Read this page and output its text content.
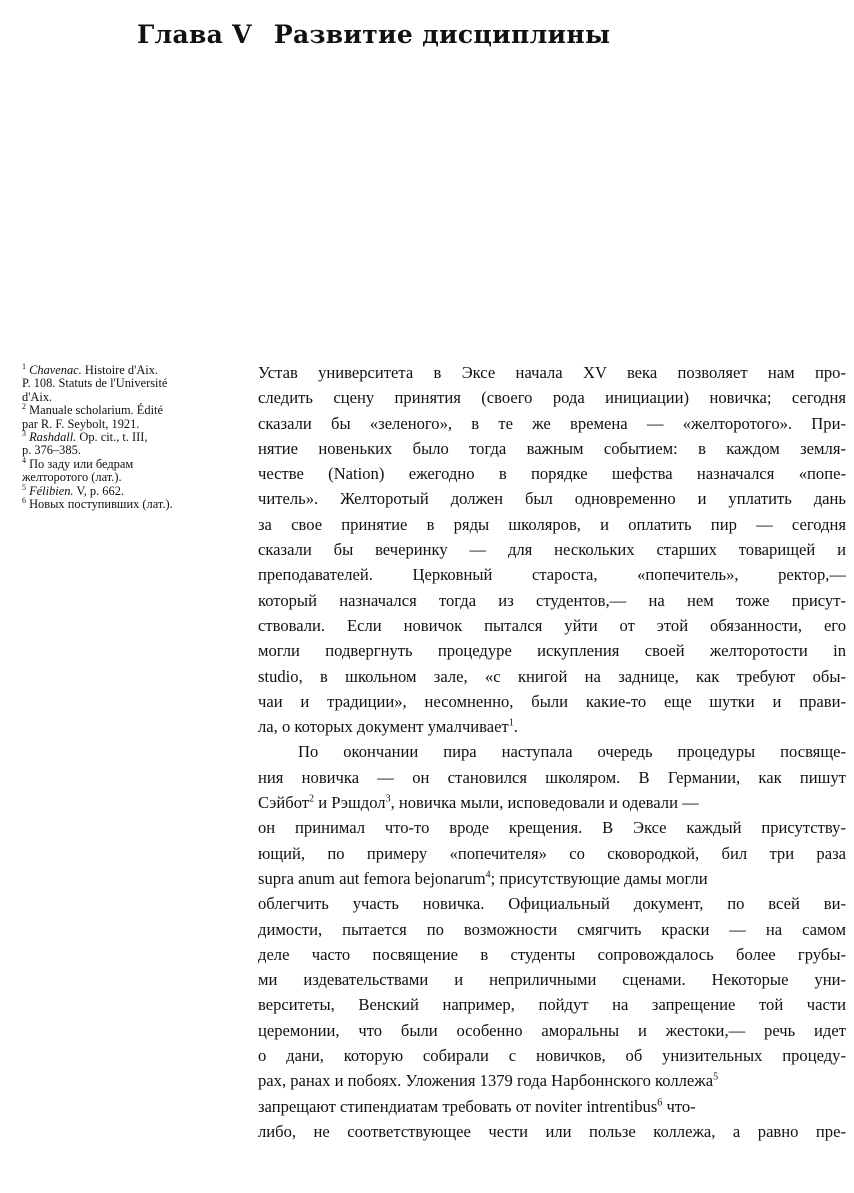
Глава V Развитие дисциплины

$^1$ Chavenac. Histoire d'Aix.
P. 108. Statuts de l'Université
d'Aix.

$^2$ Manuale scholarium. Édité
par R. F. Seybolt, 1921.

$^3$ Rashdall. Op. cit., t. III,
p. 376–385.

$^4$ По заду или бедрам
желторотого (лат.).

$^5$ Félibien. V, p. 662.

$^6$ Новых поступивших (лат.).

Устав университета в Эксе начала XV века позволяет нам про-
следить сцену принятия (своего рода инициации) новичка; сегодня
сказали бы «зеленого», в те же времена — «желторотого». При-
нятие новеньких было тогда важным событием: в каждом земля-
честве (Nation) ежегодно в порядке шефства назначался «попе-
читель». Желторотый должен был одновременно и уплатить дань
за свое принятие в ряды школяров, и оплатить пир — сегодня
сказали бы вечеринку — для нескольких старших товарищей и
преподавателей. Церковный староста, «попечитель», ректор,—
который назначался тогда из студентов,— на нем тоже присут-
ствовали. Если новичок пытался уйти от этой обязанности, его
могли подвергнуть процедуре искупления своей желторотости in
studio, в школьном зале, «с книгой на заднице, как требуют обы-
чаи и традиции», несомненно, были какие-то еще шутки и прави-
ла, о которых документ умалчивает$^1$.
По окончании пира наступала очередь процедуры посвяще-
ния новичка — он становился школяром. В Германии, как пишут
Сэйбот$^2$ и Рэшдол$^3$, новичка мыли, исповедовали и одевали —
он принимал что-то вроде крещения. В Эксе каждый присутству-
ющий, по примеру «попечителя» со сковородкой, бил три раза
supra anum aut femora bejonarum$^4$; присутствующие дамы могли
облегчить участь новичка. Официальный документ, по всей ви-
димости, пытается по возможности смягчить краски — на самом
деле часто посвящение в студенты сопровождалось более грубы-
ми издевательствами и неприличными сценами. Некоторые уни-
верситеты, Венский например, пойдут на запрещение той части
церемонии, что были особенно аморальны и жестоки,— речь идет
о дани, которую собирали с новичков, об унизительных процеду-
рах, ранах и побоях. Уложения 1379 года Нарбоннского коллежа$^5$
запрещают стипендиатам требовать от noviter intrentibus$^6$ что-
либо, не соответствующее чести или пользе коллежа, а равно пре-
